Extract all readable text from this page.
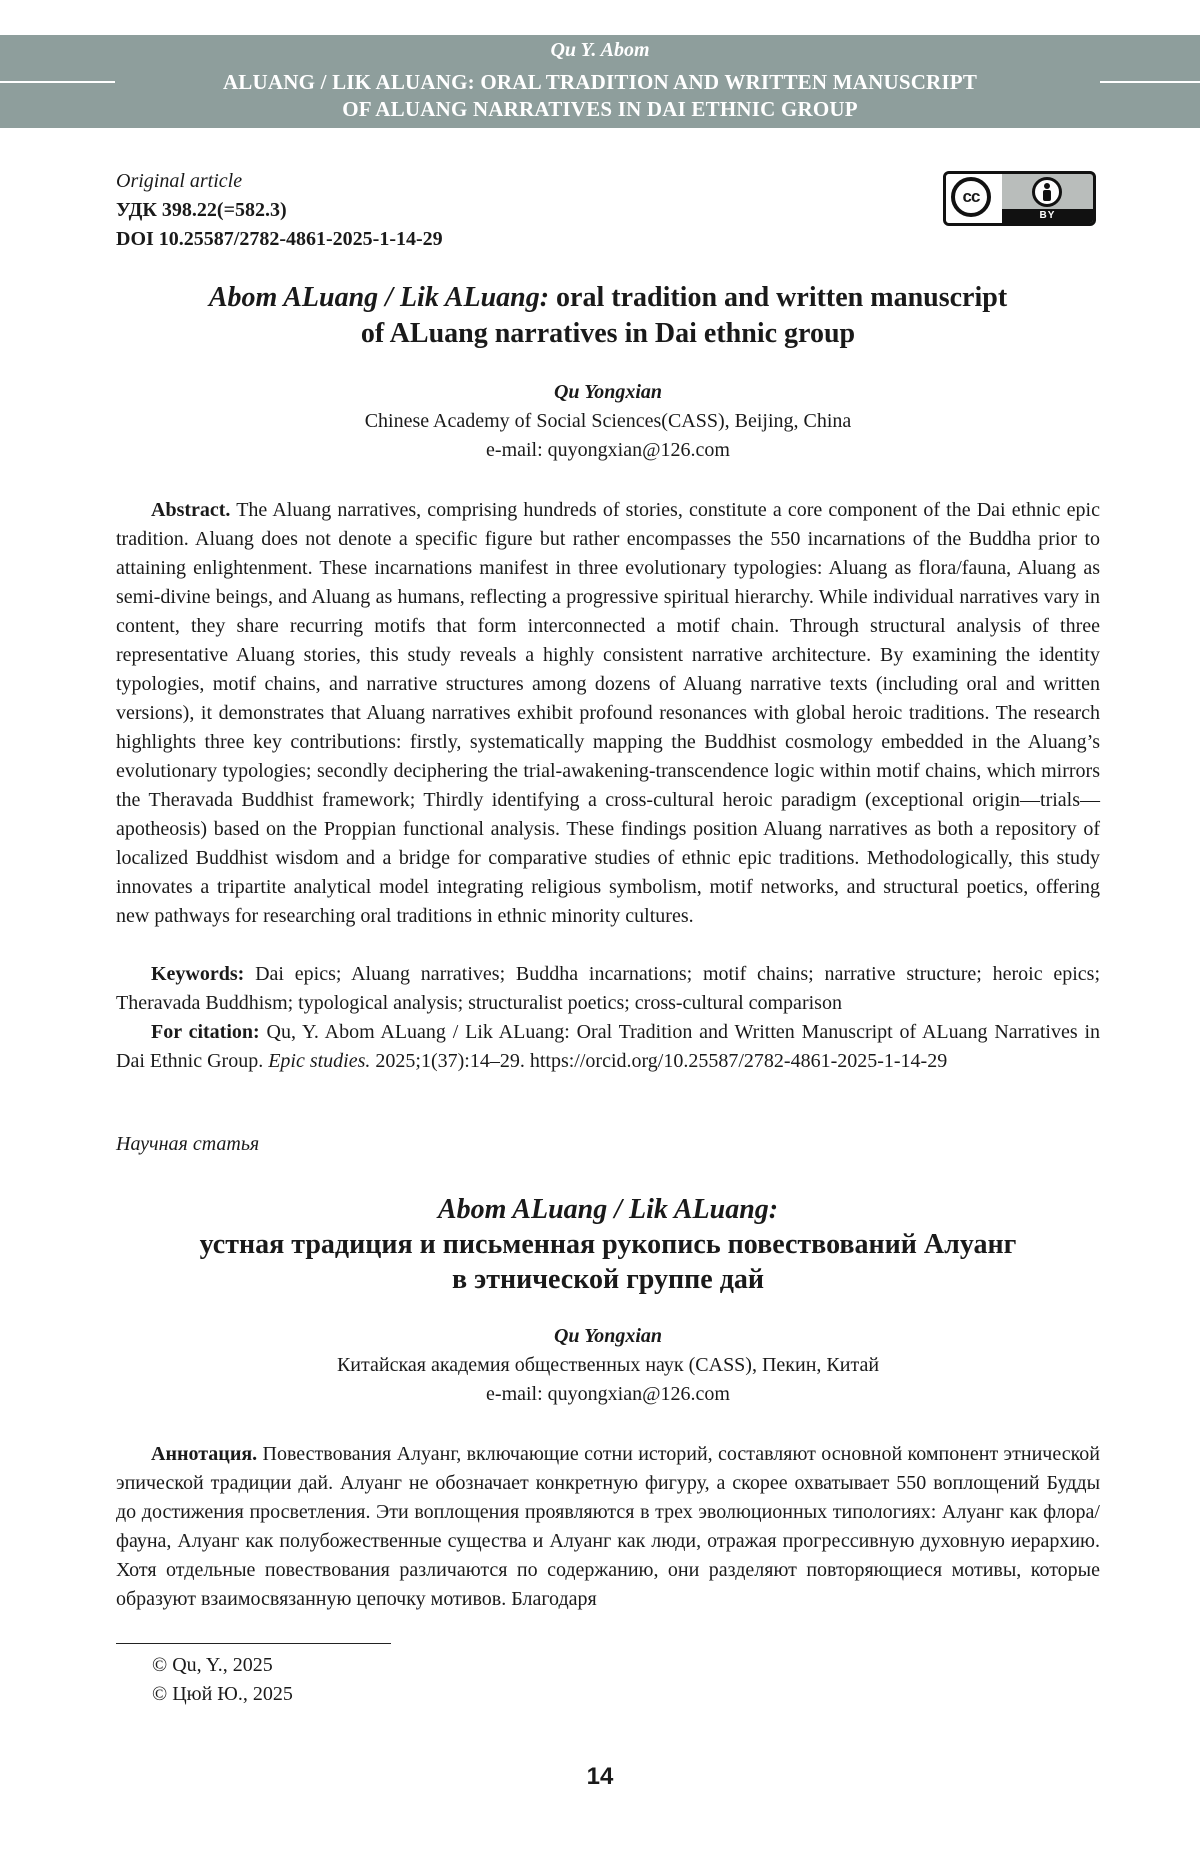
Qu Y. Abom
ALUANG / LIK ALUANG: ORAL TRADITION AND WRITTEN MANUSCRIPT
OF ALUANG NARRATIVES IN DAI ETHNIC GROUP
Original article
УДК 398.22(=582.3)
DOI 10.25587/2782-4861-2025-1-14-29
cc
BY
Abom ALuang / Lik ALuang: oral tradition and written manuscript
of ALuang narratives in Dai ethnic group
Qu Yongxian
Chinese Academy of Social Sciences(CASS), Beijing, China
e-mail: quyongxian@126.com
Abstract. The Aluang narratives, comprising hundreds of stories, constitute a core component of the Dai ethnic epic tradition. Aluang does not denote a specific figure but rather encompasses the 550 incarnations of the Buddha prior to attaining enlightenment. These incarnations manifest in three evolutionary typologies: Aluang as flora/fauna, Aluang as semi-divine beings, and Aluang as humans, reflecting a progressive spiritual hierarchy. While individual narratives vary in content, they share recurring motifs that form interconnected a motif chain. Through structural analysis of three representative Aluang stories, this study reveals a highly consistent narrative architecture. By examining the identity typologies, motif chains, and narrative structures among dozens of Aluang narrative texts (including oral and written versions), it demonstrates that Aluang narratives exhibit profound resonances with global heroic traditions. The research highlights three key contributions: firstly, systematically mapping the Buddhist cosmology embedded in the Aluang’s evolutionary typologies; secondly deciphering the trial-awakening-transcendence logic within motif chains, which mirrors the Theravada Buddhist framework; Thirdly identifying a cross-cultural heroic paradigm (exceptional origin—trials—apotheosis) based on the Proppian functional analysis. These findings position Aluang narratives as both a repository of localized Buddhist wisdom and a bridge for comparative studies of ethnic epic traditions. Methodologically, this study innovates a tripartite analytical model integrating religious symbolism, motif networks, and structural poetics, offering new pathways for researching oral traditions in ethnic minority cultures.
Keywords: Dai epics; Aluang narratives; Buddha incarnations; motif chains; narrative structure; heroic epics; Theravada Buddhism; typological analysis; structuralist poetics; cross-cultural comparison
For citation: Qu, Y. Abom ALuang / Lik ALuang: Oral Tradition and Written Manuscript of ALuang Narratives in Dai Ethnic Group. Epic studies. 2025;1(37):14–29. https://orcid.org/10.25587/2782-4861-2025-1-14-29
Научная статья
Abom ALuang / Lik ALuang:
устная традиция и письменная рукопись повествований Алуанг
в этнической группе дай
Qu Yongxian
Китайская академия общественных наук (CASS), Пекин, Китай
e-mail: quyongxian@126.com
Аннотация. Повествования Алуанг, включающие сотни историй, составляют основной компонент этнической эпической традиции дай. Алуанг не обозначает конкретную фигуру, а скорее охватывает 550 воплощений Будды до достижения просветления. Эти воплощения проявляются в трех эволюционных типологиях: Алуанг как флора/фауна, Алуанг как полубожественные существа и Алуанг как люди, отражая прогрессивную духовную иерархию. Хотя отдельные повествования различаются по содержанию, они разделяют повторяющиеся мотивы, которые образуют взаимосвязанную цепочку мотивов. Благодаря
© Qu, Y., 2025
© Цюй Ю., 2025
14
